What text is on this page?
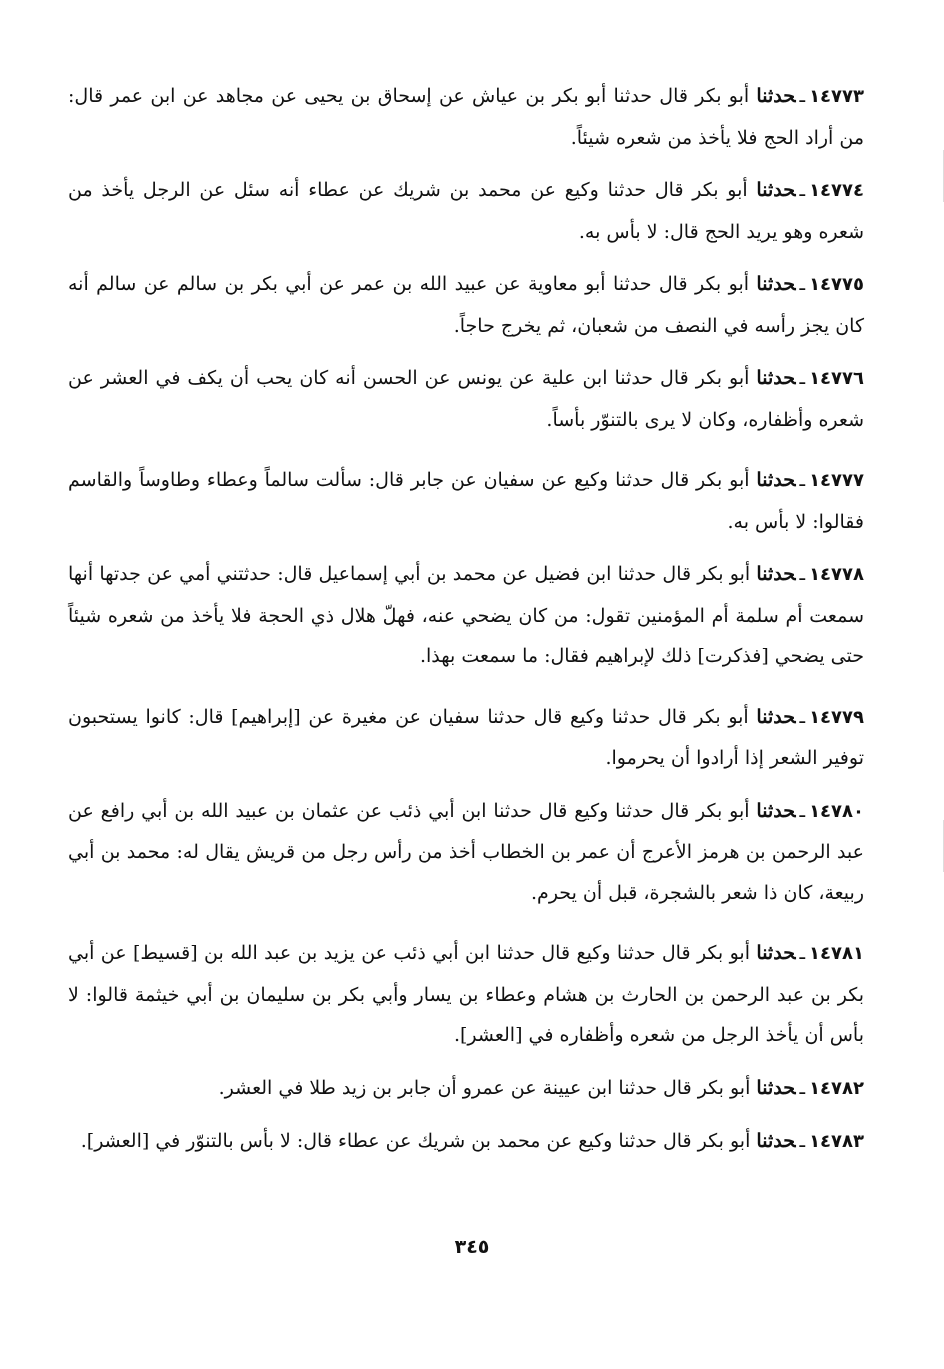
١٤٧٧٣ـحدثنا أبو بكر قال حدثنا أبو بكر بن عياش عن إسحاق بن يحيى عن مجاهد عن ابن عمر قال: من أراد الحج فلا يأخذ من شعره شيئاً.

١٤٧٧٤ـحدثنا أبو بكر قال حدثنا وكيع عن محمد بن شريك عن عطاء أنه سئل عن الرجل يأخذ من شعره وهو يريد الحج قال: لا بأس به.

١٤٧٧٥ـحدثنا أبو بكر قال حدثنا أبو معاوية عن عبيد الله بن عمر عن أبي بكر بن سالم عن سالم أنه كان يجز رأسه في النصف من شعبان، ثم يخرج حاجاً.

١٤٧٧٦ـحدثنا أبو بكر قال حدثنا ابن علية عن يونس عن الحسن أنه كان يحب أن يكف في العشر عن شعره وأظفاره، وكان لا يرى بالتنوّر بأساً.

١٤٧٧٧ـحدثنا أبو بكر قال حدثنا وكيع عن سفيان عن جابر قال: سألت سالماً وعطاء وطاوساً والقاسم فقالوا: لا بأس به.

١٤٧٧٨ـحدثنا أبو بكر قال حدثنا ابن فضيل عن محمد بن أبي إسماعيل قال: حدثتني أمي عن جدتها أنها سمعت أم سلمة أم المؤمنين تقول: من كان يضحي عنه، فهلّ هلال ذي الحجة فلا يأخذ من شعره شيئاً حتى يضحي [فذكرت] ذلك لإبراهيم فقال: ما سمعت بهذا.

١٤٧٧٩ـحدثنا أبو بكر قال حدثنا وكيع قال حدثنا سفيان عن مغيرة عن [إبراهيم] قال: كانوا يستحبون توفير الشعر إذا أرادوا أن يحرموا.

١٤٧٨٠ـحدثنا أبو بكر قال حدثنا وكيع قال حدثنا ابن أبي ذئب عن عثمان بن عبيد الله بن أبي رافع عن عبد الرحمن بن هرمز الأعرج أن عمر بن الخطاب أخذ من رأس رجل من قريش يقال له: محمد بن أبي ربيعة، كان ذا شعر بالشجرة، قبل أن يحرم.

١٤٧٨١ـحدثنا أبو بكر قال حدثنا وكيع قال حدثنا ابن أبي ذئب عن يزيد بن عبد الله بن [قسيط] عن أبي بكر بن عبد الرحمن بن الحارث بن هشام وعطاء بن يسار وأبي بكر بن سليمان بن أبي خيثمة قالوا: لا بأس أن يأخذ الرجل من شعره وأظفاره في [العشر].

١٤٧٨٢ـحدثنا أبو بكر قال حدثنا ابن عيينة عن عمرو أن جابر بن زيد طلا في العشر.

١٤٧٨٣ـحدثنا أبو بكر قال حدثنا وكيع عن محمد بن شريك عن عطاء قال: لا بأس بالتنوّر في [العشر].

٣٤٥
